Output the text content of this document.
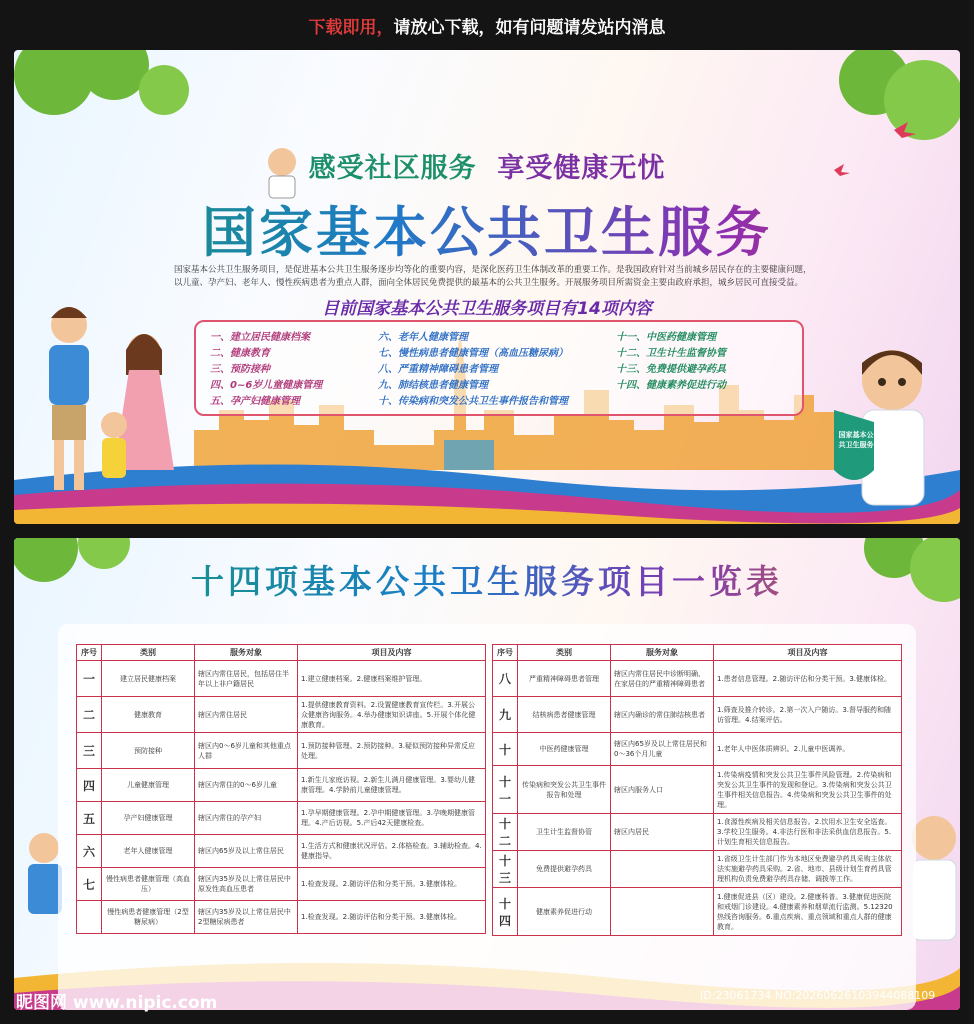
下载即用， 请放心下载，如有问题请发站内消息
感受社区服务 享受健康无忧
国家基本公共卫生服务
国家基本公共卫生服务项目，是促进基本公共卫生服务逐步均等化的重要内容，是深化医药卫生体制改革的重要工作。是我国政府针对当前城乡居民存在的主要健康问题，以儿童、孕产妇、老年人、慢性疾病患者为重点人群，面向全体居民免费提供的最基本的公共卫生服务。开展服务项目所需资金主要由政府承担，城乡居民可直接受益。
目前国家基本公共卫生服务项目有14项内容
一、建立居民健康档案
二、健康教育
三、预防接种
四、0~6岁儿童健康管理
五、孕产妇健康管理
六、老年人健康管理
七、慢性病患者健康管理（高血压糖尿病）
八、严重精神障碍患者管理
九、肺结核患者健康管理
十、传染病和突发公共卫生事件报告和管理
十一、中医药健康管理
十二、卫生计生监督协管
十三、免费提供避孕药具
十四、健康素养促进行动
国家基本公共卫生服务
十四项基本公共卫生服务项目一览表
序号	类别	服务对象	项目及内容
一	建立居民健康档案	辖区内常住居民，包括居住半年以上非户籍居民	1.建立健康档案。2.健康档案维护管理。
二	健康教育	辖区内常住居民	1.提供健康教育资料。2.设置健康教育宣传栏。3.开展公众健康咨询服务。4.举办健康知识讲座。5.开展个体化健康教育。
三	预防接种	辖区内0～6岁儿童和其他重点人群	1.预防接种管理。2.预防接种。3.疑似预防接种异常反应处理。
四	儿童健康管理	辖区内常住的0～6岁儿童	1.新生儿家庭访视。2.新生儿满月健康管理。3.婴幼儿健康管理。4.学龄前儿童健康管理。
五	孕产妇健康管理	辖区内常住的孕产妇	1.孕早期健康管理。2.孕中期健康管理。3.孕晚期健康管理。4.产后访视。5.产后42天健康检查。
六	老年人健康管理	辖区内65岁及以上常住居民	1.生活方式和健康状况评估。2.体格检查。3.辅助检查。4.健康指导。
七	慢性病患者健康管理（高血压）	辖区内35岁及以上常住居民中原发性高血压患者	1.检查发现。2.随访评估和分类干预。3.健康体检。
	慢性病患者健康管理（2型糖尿病）	辖区内35岁及以上常住居民中2型糖尿病患者	1.检查发现。2.随访评估和分类干预。3.健康体检。
序号	类别	服务对象	项目及内容
八	严重精神障碍患者管理	辖区内常住居民中诊断明确、在家居住的严重精神障碍患者	1.患者信息管理。2.随访评估和分类干预。3.健康体检。
九	结核病患者健康管理	辖区内确诊的常住肺结核患者	1.筛查及推介转诊。2.第一次入户随访。3.督导服药和随访管理。4.结案评估。
十	中医药健康管理	辖区内65岁及以上常住居民和0～36个月儿童	1.老年人中医体质辨识。2.儿童中医调养。
十一	传染病和突发公共卫生事件报告和处理	辖区内服务人口	1.传染病疫情和突发公共卫生事件风险管理。2.传染病和突发公共卫生事件的发现和登记。3.传染病和突发公共卫生事件相关信息报告。4.传染病和突发公共卫生事件的处理。
十二	卫生计生监督协管	辖区内居民	1.食源性疾病及相关信息报告。2.饮用水卫生安全巡查。3.学校卫生服务。4.非法行医和非法采供血信息报告。5.计划生育相关信息报告。
十三	免费提供避孕药具		1.省级卫生计生部门作为本地区免费避孕药具采购主体依法实施避孕药具采购。2.省、地市、县级计划生育药具管理机构负责免费避孕药具存储、调拨等工作。
十四	健康素养促进行动		1.健康促进县（区）建设。2.健康科普。3.健康促进医院和戒烟门诊建设。4.健康素养和烟草流行监测。5.12320热线咨询服务。6.重点疾病、重点领域和重点人群的健康教育。
昵图网 www.nipic.com	ID:23061734 NO:20260626103944088109
